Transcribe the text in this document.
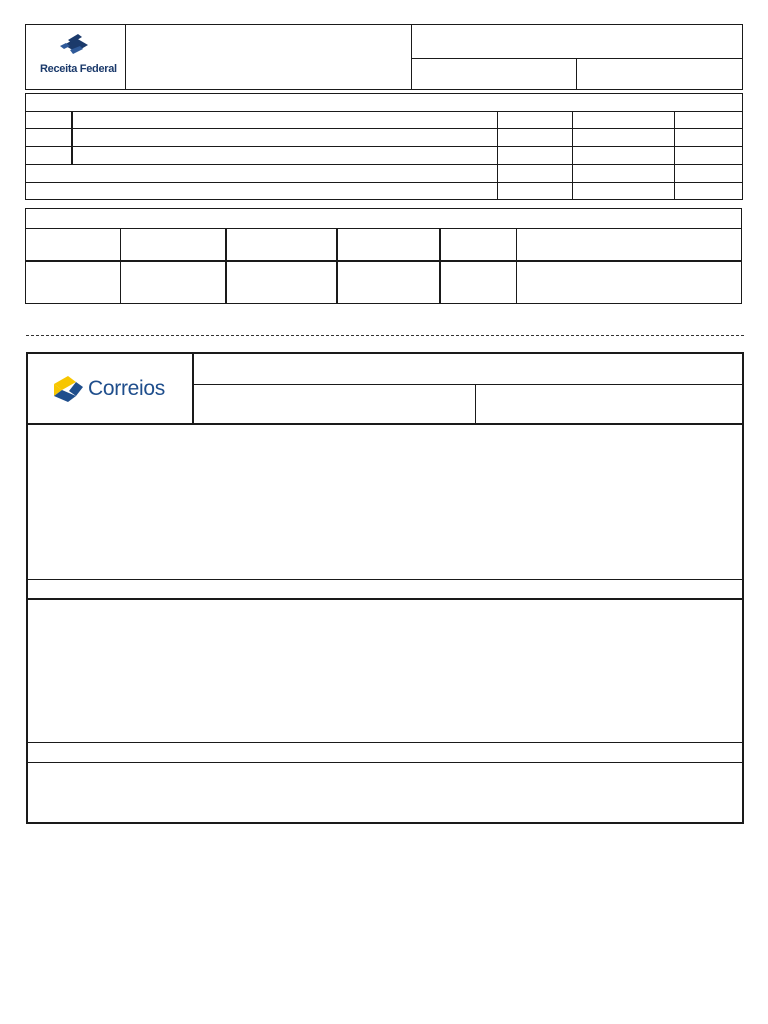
Receita Federal
Correios
